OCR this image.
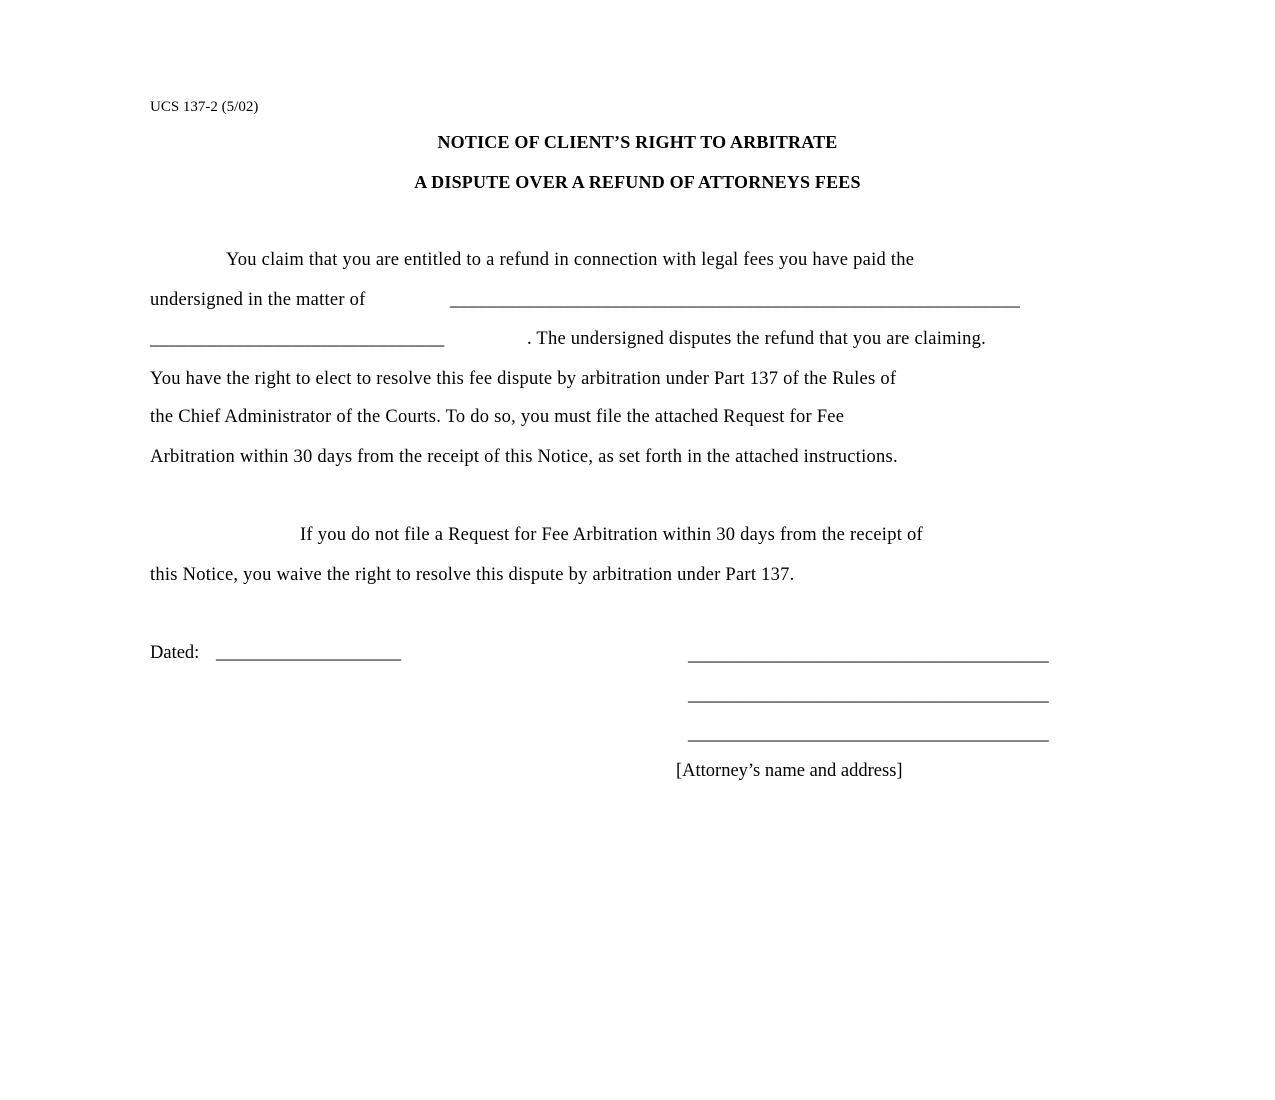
UCS 137-2 (5/02)
NOTICE OF CLIENT’S RIGHT TO ARBITRATE
A DISPUTE OVER A REFUND OF ATTORNEYS FEES
You claim that you are entitled to a refund in connection with legal fees you have paid the
undersigned in the matter of	____________________________________________________________
_______________________________	. The undersigned disputes the refund that you are claiming.
You have the right to elect to resolve this fee dispute by arbitration under Part 137 of the Rules of
the Chief Administrator of the Courts. To do so, you must file the attached Request for Fee
Arbitration within 30 days from the receipt of this Notice, as set forth in the attached instructions.
If you do not file a Request for Fee Arbitration within 30 days from the receipt of
this Notice, you waive the right to resolve this dispute by arbitration under Part 137.
Dated: ____________________	_______________________________________
_______________________________________
_______________________________________
[Attorney’s name and address]
